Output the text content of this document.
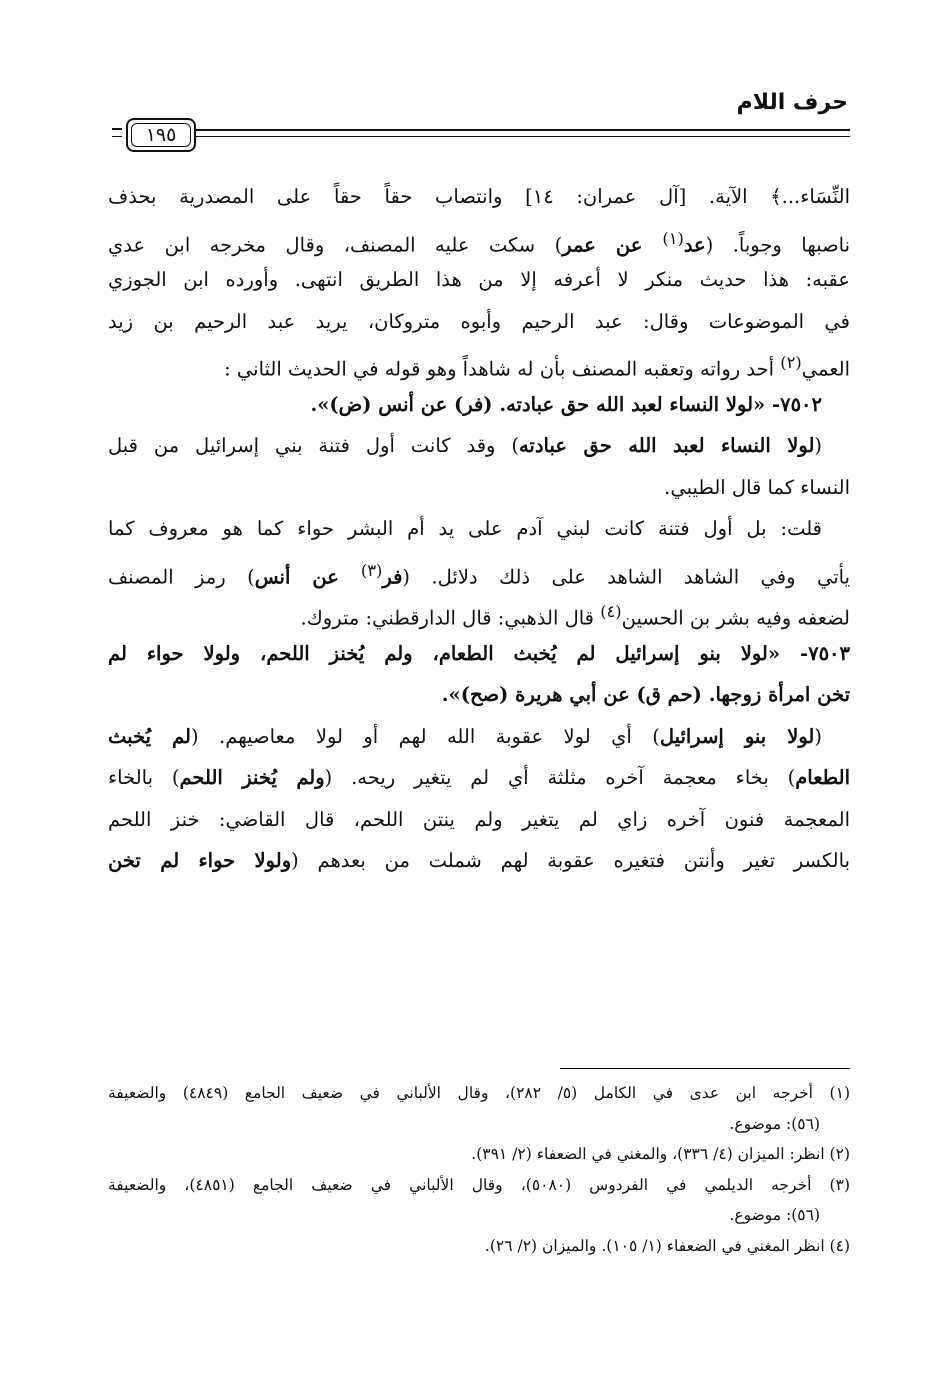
حرف اللام
١٩٥
النِّسَاء...﴾ الآية. [آل عمران: ١٤] وانتصاب حقاً حقاً على المصدرية بحذف
ناصبها وجوباً. (عد$^{(١)}$ عن عمر) سكت عليه المصنف، وقال مخرجه ابن عدي
عقبه: هذا حديث منكر لا أعرفه إلا من هذا الطريق انتهى. وأورده ابن الجوزي
في الموضوعات وقال: عبد الرحيم وأبوه متروكان، يريد عبد الرحيم بن زيد
العمي$^{(٢)}$ أحد رواته وتعقبه المصنف بأن له شاهداً وهو قوله في الحديث الثاني :
٧٥٠٢- «لولا النساء لعبد الله حق عبادته. (فر) عن أنس (ض)».
(لولا النساء لعبد الله حق عبادته) وقد كانت أول فتنة بني إسرائيل من قبل
النساء كما قال الطيبي.
قلت: بل أول فتنة كانت لبني آدم على يد أم البشر حواء كما هو معروف كما
يأتي وفي الشاهد الشاهد على ذلك دلائل. (فر$^{(٣)}$ عن أنس) رمز المصنف
لضعفه وفيه بشر بن الحسين$^{(٤)}$ قال الذهبي: قال الدارقطني: متروك.
٧٥٠٣- «لولا بنو إسرائيل لم يُخبث الطعام، ولم يُخنز اللحم، ولولا حواء لم
تخن امرأة زوجها. (حم ق) عن أبي هريرة (صح)».
(لولا بنو إسرائيل) أي لولا عقوبة الله لهم أو لولا معاصيهم. (لم يُخبث
الطعام) بخاء معجمة آخره مثلثة أي لم يتغير ريحه. (ولم يُخنز اللحم) بالخاء
المعجمة فنون آخره زاي لم يتغير ولم ينتن اللحم، قال القاضي: خنز اللحم
بالكسر تغير وأنتن فتغيره عقوبة لهم شملت من بعدهم (ولولا حواء لم تخن
(١) أخرجه ابن عدى في الكامل (٥/ ٢٨٢)، وقال الألباني في ضعيف الجامع (٤٨٤٩) والضعيفة
(٥٦): موضوع.
(٢) انظر: الميزان (٤/ ٣٣٦)، والمغني في الضعفاء (٢/ ٣٩١).
(٣) أخرجه الديلمي في الفردوس (٥٠٨٠)، وقال الألباني في ضعيف الجامع (٤٨٥١)، والضعيفة
(٥٦): موضوع.
(٤) انظر المغني في الضعفاء (١/ ١٠٥). والميزان (٢/ ٢٦).
